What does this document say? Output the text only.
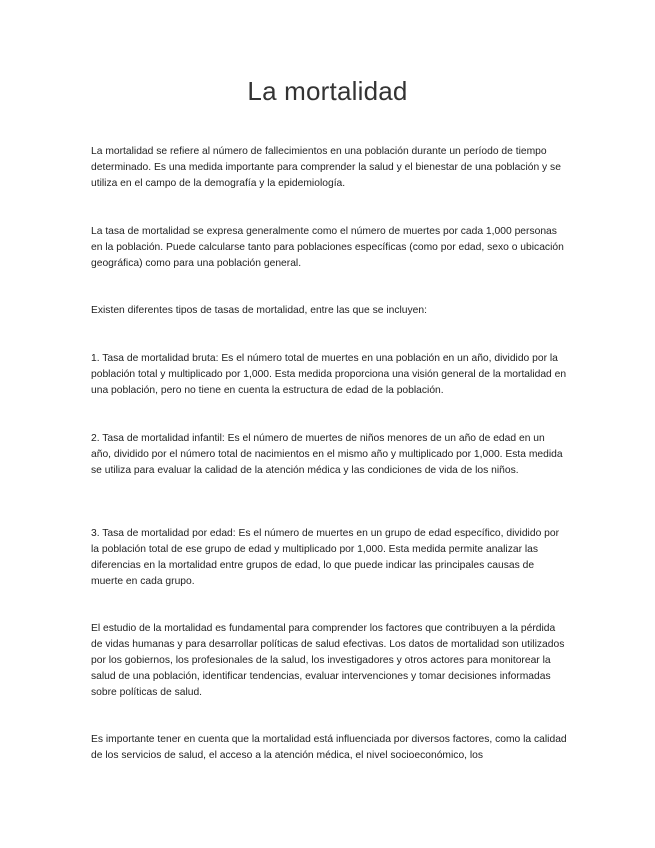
La mortalidad

La mortalidad se refiere al número de fallecimientos en una población durante un período de tiempo determinado. Es una medida importante para comprender la salud y el bienestar de una población y se utiliza en el campo de la demografía y la epidemiología.

La tasa de mortalidad se expresa generalmente como el número de muertes por cada 1,000 personas en la población. Puede calcularse tanto para poblaciones específicas (como por edad, sexo o ubicación geográfica) como para una población general.

Existen diferentes tipos de tasas de mortalidad, entre las que se incluyen:

1. Tasa de mortalidad bruta: Es el número total de muertes en una población en un año, dividido por la población total y multiplicado por 1,000. Esta medida proporciona una visión general de la mortalidad en una población, pero no tiene en cuenta la estructura de edad de la población.

2. Tasa de mortalidad infantil: Es el número de muertes de niños menores de un año de edad en un año, dividido por el número total de nacimientos en el mismo año y multiplicado por 1,000. Esta medida se utiliza para evaluar la calidad de la atención médica y las condiciones de vida de los niños.

3. Tasa de mortalidad por edad: Es el número de muertes en un grupo de edad específico, dividido por la población total de ese grupo de edad y multiplicado por 1,000. Esta medida permite analizar las diferencias en la mortalidad entre grupos de edad, lo que puede indicar las principales causas de muerte en cada grupo.

El estudio de la mortalidad es fundamental para comprender los factores que contribuyen a la pérdida de vidas humanas y para desarrollar políticas de salud efectivas. Los datos de mortalidad son utilizados por los gobiernos, los profesionales de la salud, los investigadores y otros actores para monitorear la salud de una población, identificar tendencias, evaluar intervenciones y tomar decisiones informadas sobre políticas de salud.

Es importante tener en cuenta que la mortalidad está influenciada por diversos factores, como la calidad de los servicios de salud, el acceso a la atención médica, el nivel socioeconómico, los
